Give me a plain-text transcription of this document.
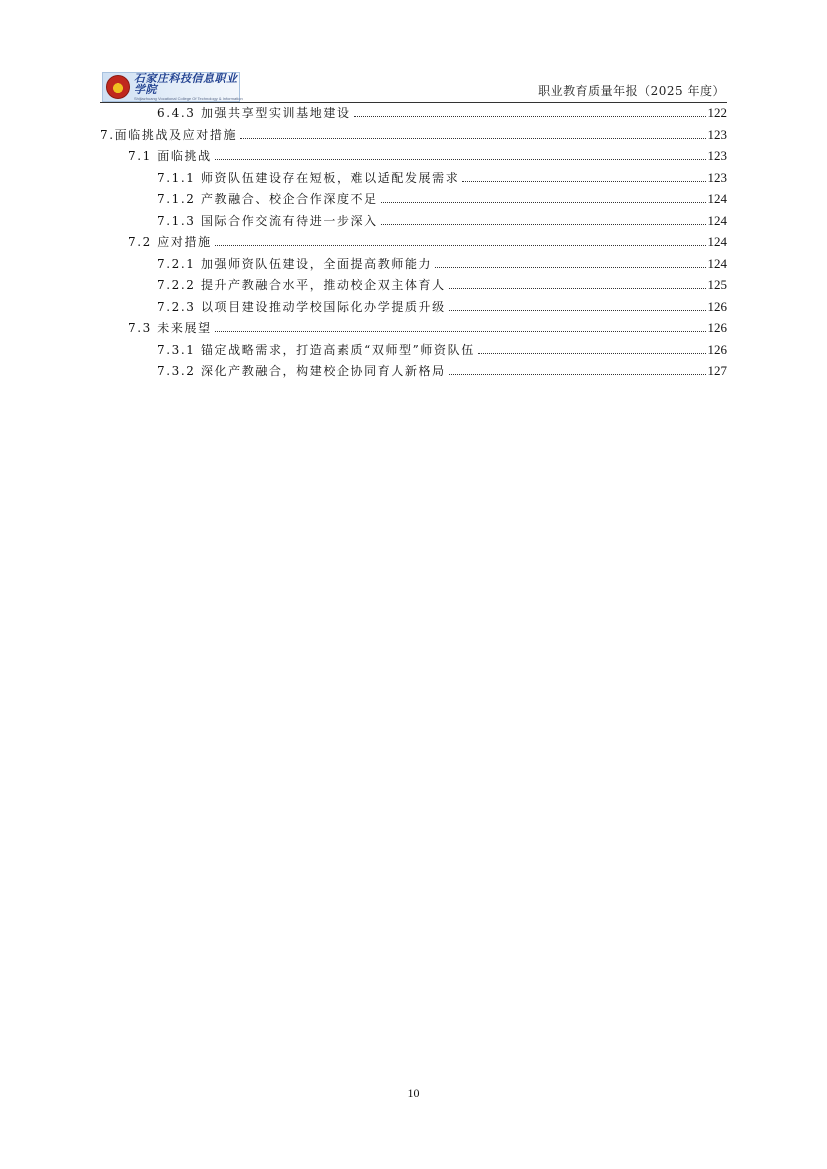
石家庄科技信息职业学院
Shijiazhuang Vocational College Of Technology & Information
职业教育质量年报（2025 年度）
6.4.3 加强共享型实训基地建设	122
7.面临挑战及应对措施	123
7.1 面临挑战	123
7.1.1 师资队伍建设存在短板，难以适配发展需求	123
7.1.2 产教融合、校企合作深度不足	124
7.1.3 国际合作交流有待进一步深入	124
7.2 应对措施	124
7.2.1 加强师资队伍建设，全面提高教师能力	124
7.2.2 提升产教融合水平，推动校企双主体育人	125
7.2.3 以项目建设推动学校国际化办学提质升级	126
7.3 未来展望	126
7.3.1 锚定战略需求，打造高素质“双师型”师资队伍	126
7.3.2 深化产教融合，构建校企协同育人新格局	127
10
